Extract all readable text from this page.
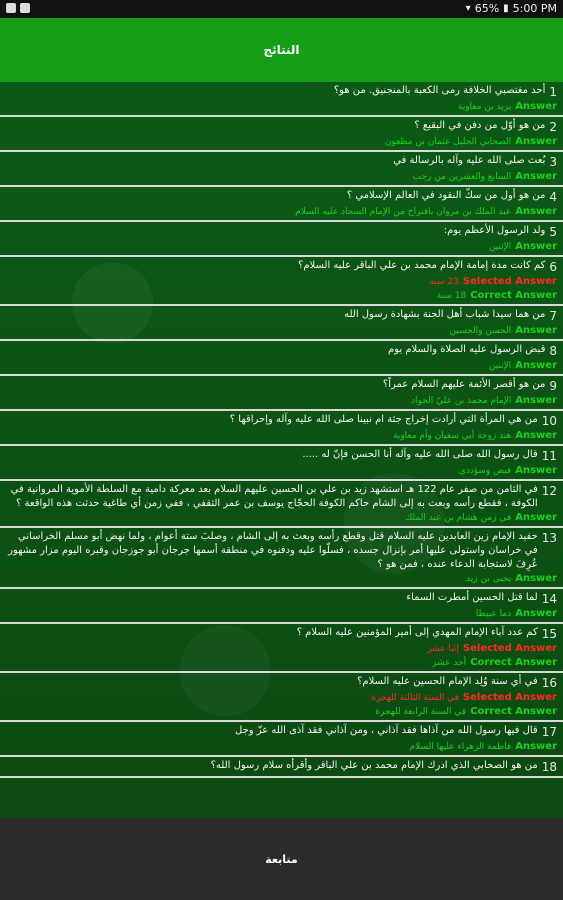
▾ 65% ▮ 5:00 PM
النتائج
1
أحد مغتصبي الخلافة رمى الكعبة بالمنجنيق. من هو؟
Answer
يزيد بن معاوية
2
من هو أوّل من دفن في البقيع ؟
Answer
الصحابي الجليل عثمان بن مظعون
3
بُعث صلى الله عليه وآله بالرسالة في
Answer
السابع والعشرين من رجب
4
من هو أول من سكّ النقود في العالم الإسلامي ؟
Answer
عبد الملك بن مروان باقتراح من الإمام السجاد عليه السلام
5
ولد الرسول الأعظم يوم:
Answer
الإثنين
6
كم كانت مدة إمامة الإمام محمد بن علي الباقر عليه السلام؟
Selected Answer
23 سنة
Correct Answer
18 سنة
7
من هما سيدا شباب أهل الجنة بشهادة رسول الله
Answer
الحسن والحسين
8
قبض الرسول عليه الصلاة والسلام يوم
Answer
الإثنين
9
من هو أقصر الأئمة عليهم السلام عمراً؟
Answer
الإمام محمد بن عليّ الجواد
10
من هي المرأة التي أرادت إخراج جثة ام نبينا صلى الله عليه وآله وإحراقها ؟
Answer
هند زوجة أبي سفيان وأم معاوية
11
قال رسول الله صلى الله عليه وآله أنا الحسن فإنّ له .....
Answer
فيض وسؤددي
12
في الثامن من صفر عام 122 هـ استشهد زيد بن علي بن الحسين عليهم السلام بعد معركة دامية مع السلطة الأموية المروانية في الكوفة ، فقطع رأسه وبعث به إلى الشام حاكم الكوفة الحجّاج يوسف بن عمر الثقفي ، ففي زمن أي طاغية حدثت هذه الواقعة ؟
Answer
في زمن هشام بن عبد الملك
13
حفيد الإمام زين العابدين عليه السلام قتل وقطع رأسه وبعث به إلى الشام ، وصلبَ ستة أعوام ، ولما نهض أبو مسلم الخراساني في خراسان واستولى عليها أمر بإنزال جسده ، فسلّوا عليه ودفنوه في منطقة أسمها جرجان أبو جوزجان وقبره اليوم مزار مشهور عُرِفَ لاستجابة الدعاء عنده ، فمن هو ؟
Answer
يحيى بن زيد
14
لما قتل الحسين أمطرت السماء
Answer
دما عبيطا
15
كم عدد آباء الإمام المهدي إلى أمير المؤمنين عليه السلام ؟
Selected Answer
إثنا عشر
Correct Answer
أحد عشر
16
في أي سنة وُلِد الإمام الحسين عليه السلام؟
Selected Answer
في السنة الثالثة للهجرة
Correct Answer
في السنة الرابعة للهجرة
17
قال فيها رسول الله من آذاها فقد آذاني ، ومن آذاني فقد آذى الله عزّ وجل
Answer
فاطمة الزهراء عليها السلام
18
من هو الصحابي الذي ادرك الإمام محمد بن علي الباقر وأقرأه سلام رسول الله؟
متابعة
